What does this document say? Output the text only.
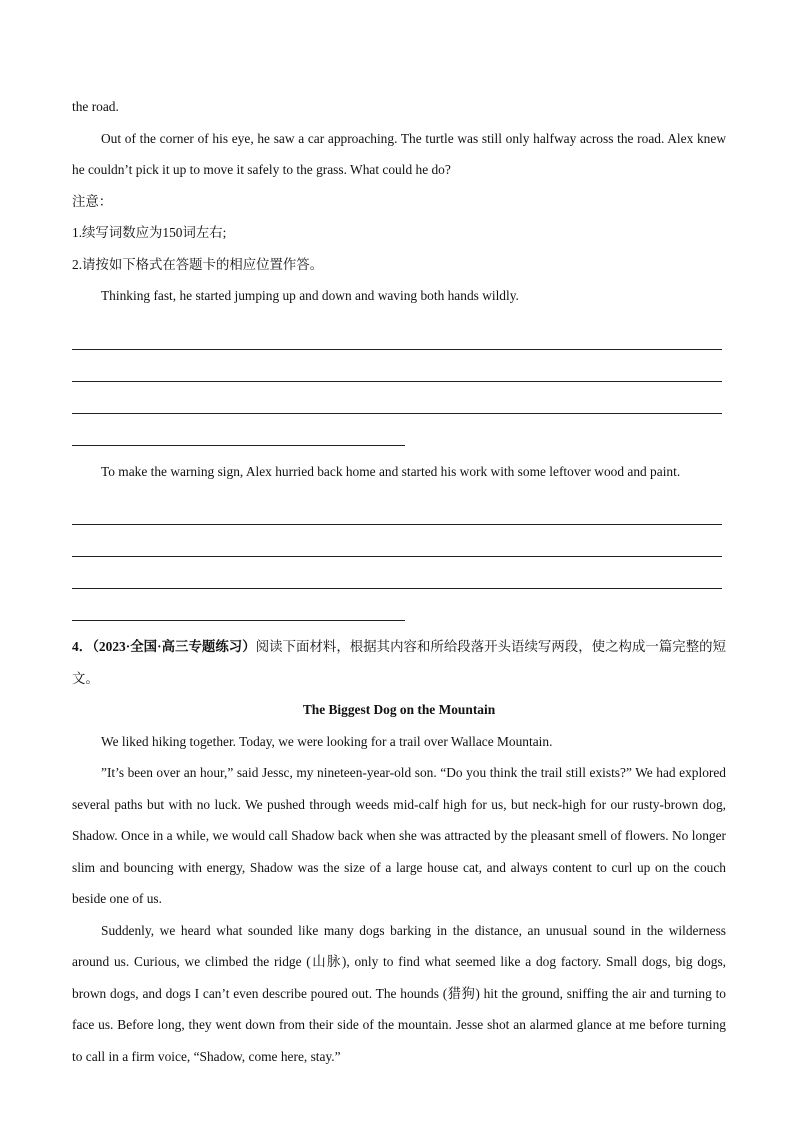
the road.

Out of the corner of his eye, he saw a car approaching. The turtle was still only halfway across the road. Alex knew he couldn’t pick it up to move it safely to the grass. What could he do?

注意：

1.续写词数应为150词左右;

2.请按如下格式在答题卡的相应位置作答。

Thinking fast, he started jumping up and down and waving both hands wildly.

To make the warning sign, Alex hurried back home and started his work with some leftover wood and paint.

4．（2023·全国·高三专题练习）阅读下面材料，根据其内容和所给段落开头语续写两段，使之构成一篇完整的短文。

The Biggest Dog on the Mountain

We liked hiking together. Today, we were looking for a trail over Wallace Mountain.

”It’s been over an hour,” said Jessc, my nineteen-year-old son. “Do you think the trail still exists?” We had explored several paths but with no luck. We pushed through weeds mid-calf high for us, but neck-high for our rusty-brown dog, Shadow. Once in a while, we would call Shadow back when she was attracted by the pleasant smell of flowers. No longer slim and bouncing with energy, Shadow was the size of a large house cat, and always content to curl up on the couch beside one of us.

Suddenly, we heard what sounded like many dogs barking in the distance, an unusual sound in the wilderness around us. Curious, we climbed the ridge (山脉), only to find what seemed like a dog factory. Small dogs, big dogs, brown dogs, and dogs I can’t even describe poured out. The hounds (猎狗) hit the ground, sniffing the air and turning to face us. Before long, they went down from their side of the mountain. Jesse shot an alarmed glance at me before turning to call in a firm voice, “Shadow, come here, stay.”
